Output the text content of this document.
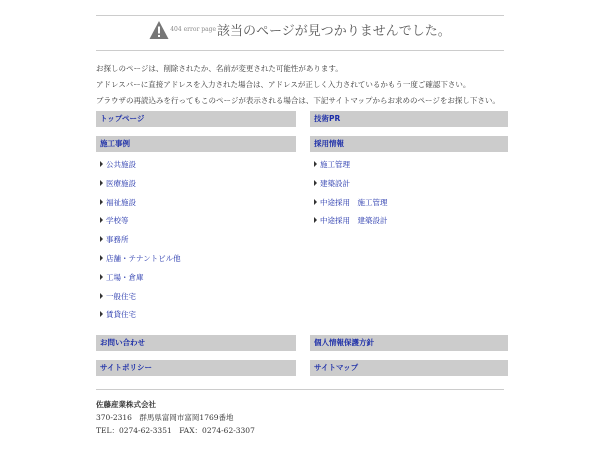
404 error page該当のページが見つかりませんでした。
お探しのページは、削除されたか、名前が変更された可能性があります。
アドレスバーに直接アドレスを入力された場合は、アドレスが正しく入力されているかもう一度ご確認下さい。
ブラウザの再読込みを行ってもこのページが表示される場合は、下記サイトマップからお求めのページをお探し下さい。
トップページ	技術PR
施工事例	採用情報
公共施設
医療施設
福祉施設
学校等
事務所
店舗・テナントビル他
工場・倉庫
一般住宅
賃貸住宅
施工管理
建築設計
中途採用　施工管理
中途採用　建築設計
お問い合わせ	個人情報保護方針
サイトポリシー	サイトマップ
佐藤産業株式会社
370-2316　群馬県富岡市富岡1769番地
TEL：0274-62-3351　FAX：0274-62-3307
